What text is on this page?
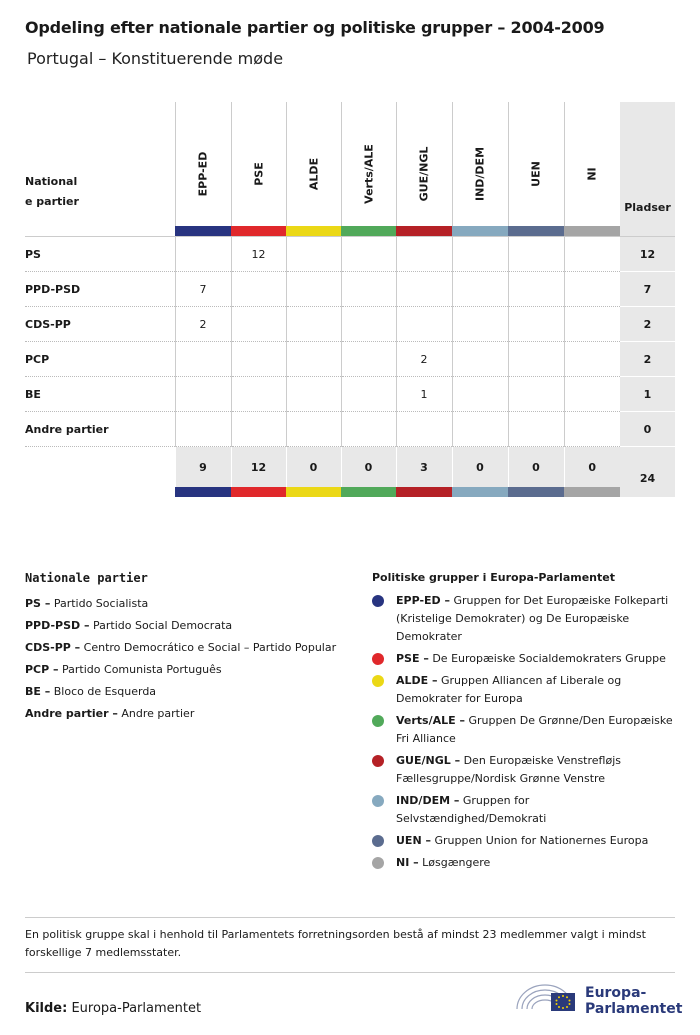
Opdeling efter nationale partier og politiske grupper – 2004-2009
Portugal – Konstituerende møde
National
e partier	EPP-ED	PSE	ALDE	Verts/ALE	GUE/NGL	IND/DEM	UEN	NI	Pladser

PS		12							12
PPD-PSD	7								7
CDS-PP	2								2
PCP					2				2
BE					1				1
Andre partier									0
	9	12	0	0	3	0	0	0	24

Nationale partier
PS – Partido Socialista
PPD-PSD – Partido Social Democrata
CDS-PP – Centro Democrático e Social – Partido Popular
PCP – Partido Comunista Português
BE – Bloco de Esquerda
Andre partier – Andre partier
Politiske grupper i Europa-Parlamentet
EPP-ED – Gruppen for Det Europæiske Folkeparti (Kristelige Demokrater) og De Europæiske Demokrater
PSE – De Europæiske Socialdemokraters Gruppe
ALDE – Gruppen Alliancen af Liberale og Demokrater for Europa
Verts/ALE – Gruppen De Grønne/Den Europæiske Fri Alliance
GUE/NGL – Den Europæiske Venstrefløjs Fællesgruppe/Nordisk Grønne Venstre
IND/DEM – Gruppen for Selvstændighed/Demokrati
UEN – Gruppen Union for Nationernes Europa
NI – Løsgængere
En politisk gruppe skal i henhold til Parlamentets forretningsorden bestå af mindst 23 medlemmer valgt i mindst forskellige 7 medlemsstater.
Kilde: Europa-Parlamentet
Europa-
Parlamentet
